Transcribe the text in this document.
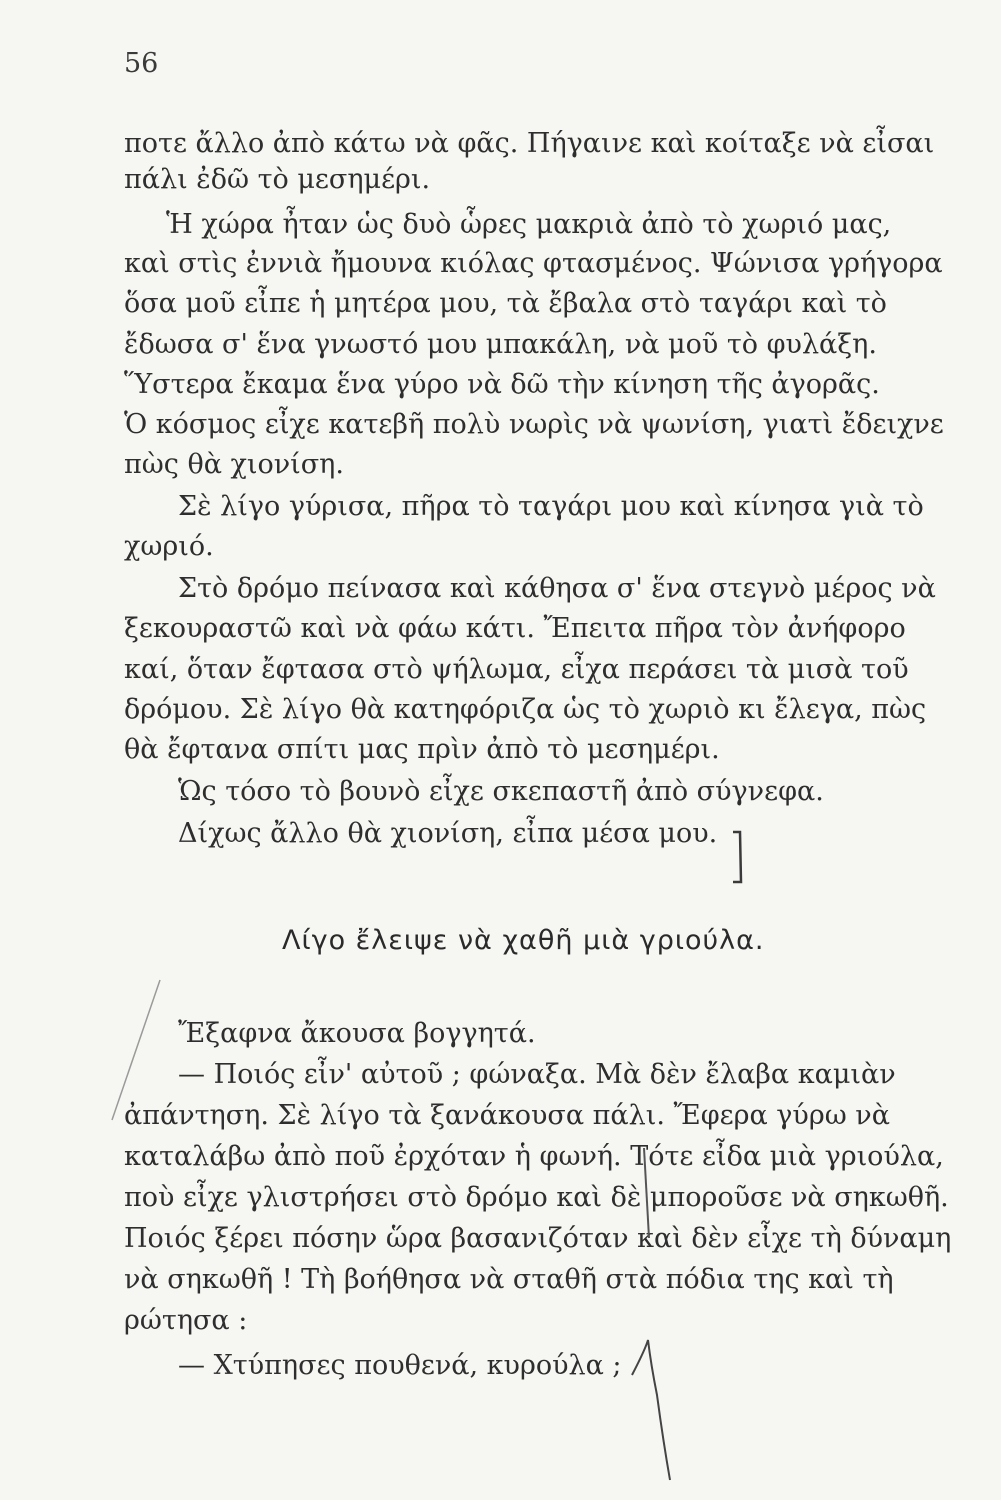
56
ποτε ἄλλο ἀπὸ κάτω νὰ φᾶς. Πήγαινε καὶ κοίταξε νὰ εἶσαι
πάλι ἐδῶ τὸ μεσημέρι.
Ἡ χώρα ἦταν ὡς δυὸ ὧρες μακριὰ ἀπὸ τὸ χωριό μας,
καὶ στὶς ἐννιὰ ἤμουνα κιόλας φτασμένος. Ψώνισα γρήγορα
ὅσα μοῦ εἶπε ἡ μητέρα μου, τὰ ἔβαλα στὸ ταγάρι καὶ τὸ
ἔδωσα σ' ἕνα γνωστό μου μπακάλη, νὰ μοῦ τὸ φυλάξη.
Ὕστερα ἔκαμα ἕνα γύρο νὰ δῶ τὴν κίνηση τῆς ἀγορᾶς.
Ὁ κόσμος εἶχε κατεβῆ πολὺ νωρὶς νὰ ψωνίση, γιατὶ ἔδειχνε
πὼς θὰ χιονίση.
Σὲ λίγο γύρισα, πῆρα τὸ ταγάρι μου καὶ κίνησα γιὰ τὸ
χωριό.
Στὸ δρόμο πείνασα καὶ κάθησα σ' ἕνα στεγνὸ μέρος νὰ
ξεκουραστῶ καὶ νὰ φάω κάτι. Ἔπειτα πῆρα τὸν ἀνήφορο
καί, ὅταν ἔφτασα στὸ ψήλωμα, εἶχα περάσει τὰ μισὰ τοῦ
δρόμου. Σὲ λίγο θὰ κατηφόριζα ὡς τὸ χωριὸ κι ἔλεγα, πὼς
θὰ ἔφτανα σπίτι μας πρὶν ἀπὸ τὸ μεσημέρι.
Ὡς τόσο τὸ βουνὸ εἶχε σκεπαστῆ ἀπὸ σύγνεφα.
Δίχως ἄλλο θὰ χιονίση, εἶπα μέσα μου.
Λίγο ἔλειψε νὰ χαθῆ μιὰ γριούλα.
Ἔξαφνα ἄκουσα βογγητά.
— Ποιός εἶν' αὐτοῦ ; φώναξα. Μὰ δὲν ἔλαβα καμιὰν
ἀπάντηση. Σὲ λίγο τὰ ξανάκουσα πάλι. Ἔφερα γύρω νὰ
καταλάβω ἀπὸ ποῦ ἐρχόταν ἡ φωνή. Τότε εἶδα μιὰ γριούλα,
ποὺ εἶχε γλιστρήσει στὸ δρόμο καὶ δὲ μποροῦσε νὰ σηκωθῆ.
Ποιός ξέρει πόσην ὥρα βασανιζόταν καὶ δὲν εἶχε τὴ δύναμη
νὰ σηκωθῆ ! Τὴ βοήθησα νὰ σταθῆ στὰ πόδια της καὶ τὴ
ρώτησα :
— Χτύπησες πουθενά, κυρούλα ;
